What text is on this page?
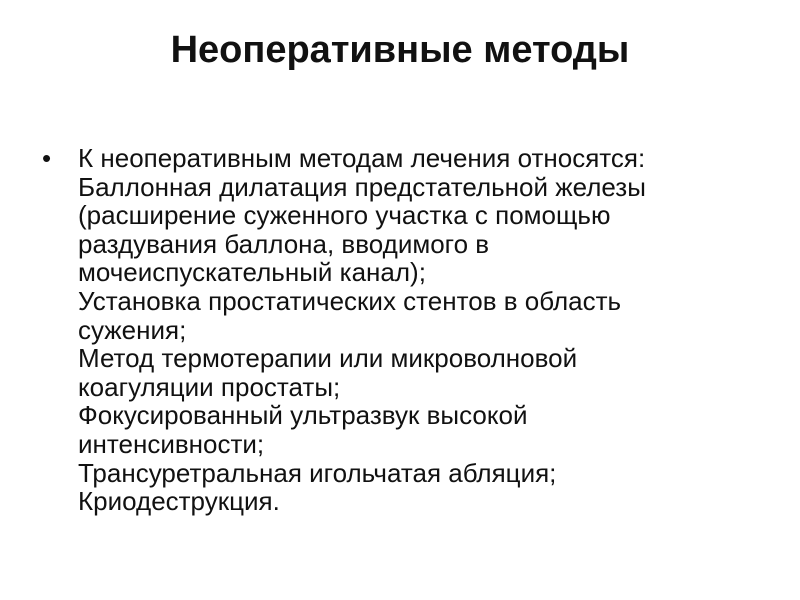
Неоперативные методы
•	К неоперативным методам лечения относятся:
Баллонная дилатация предстательной железы
(расширение суженного участка с помощью
раздувания баллона, вводимого в
мочеиспускательный канал);
Установка простатических стентов в область
сужения;
Метод термотерапии или микроволновой
коагуляции простаты;
Фокусированный ультразвук высокой
интенсивности;
Трансуретральная игольчатая абляция;
Криодеструкция.
